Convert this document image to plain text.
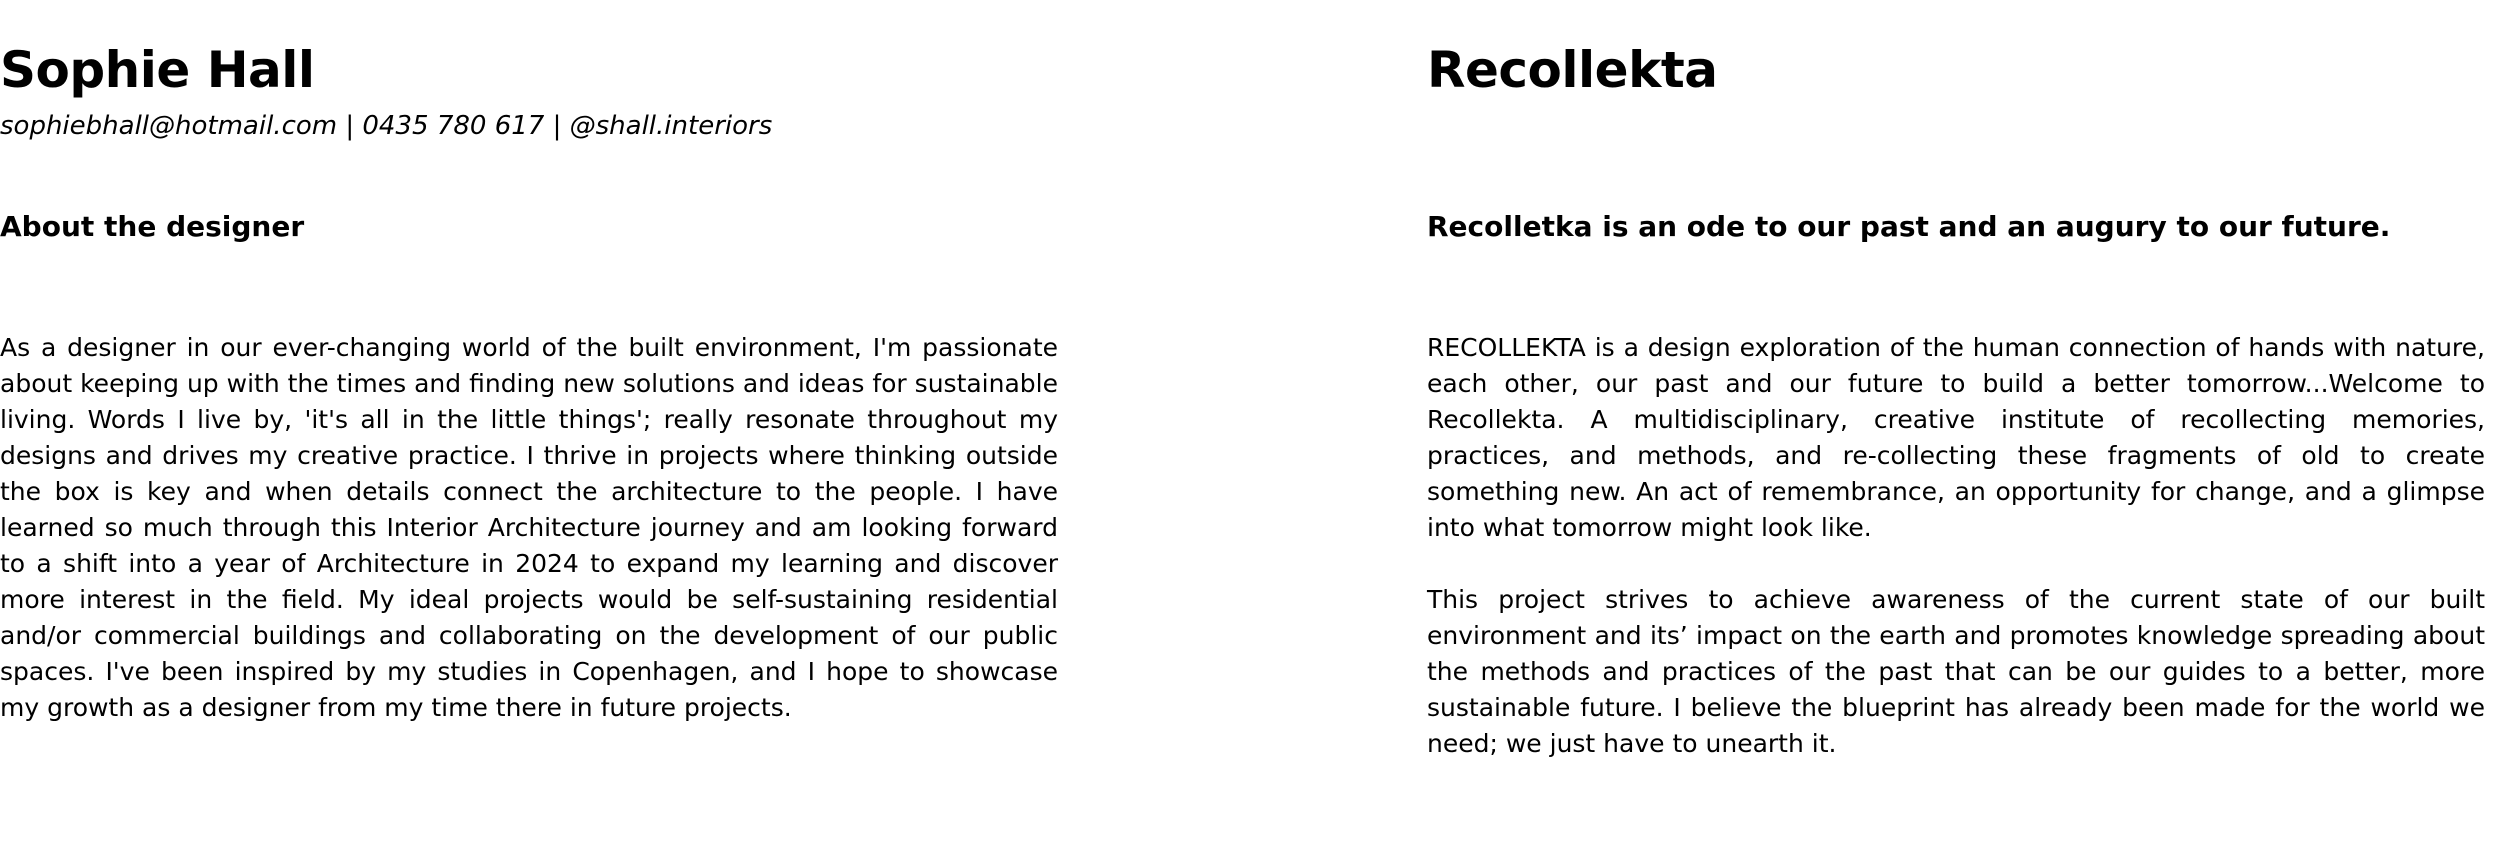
Sophie Hall
sophiebhall@hotmail.com | 0435 780 617 | @shall.interiors
About the designer

As a designer in our ever-changing world of the built environment, I'm passionate about keeping up with the times and finding new solutions and ideas for sustainable living. Words I live by, 'it's all in the little things'; really resonate throughout my designs and drives my creative practice. I thrive in projects where thinking outside the box is key and when details connect the architecture to the people. I have learned so much through this Interior Architecture journey and am looking forward to a shift into a year of Architecture in 2024 to expand my learning and discover more interest in the field. My ideal projects would be self-sustaining residential and/or commercial buildings and collaborating on the development of our public spaces. I've been inspired by my studies in Copenhagen, and I hope to showcase my growth as a designer from my time there in future projects.

Recollekta
Recolletka is an ode to our past and an augury to our future.

RECOLLEKTA is a design exploration of the human connection of hands with nature, each other, our past and our future to build a better tomorrow...Welcome to Recollekta. A multidisciplinary, creative institute of recollecting memories, practices, and methods, and re-collecting these fragments of old to create something new. An act of remembrance, an opportunity for change, and a glimpse into what tomorrow might look like.

This project strives to achieve awareness of the current state of our built environment and its’ impact on the earth and promotes knowledge spreading about the methods and practices of the past that can be our guides to a better, more sustainable future. I believe the blueprint has already been made for the world we need; we just have to unearth it.
